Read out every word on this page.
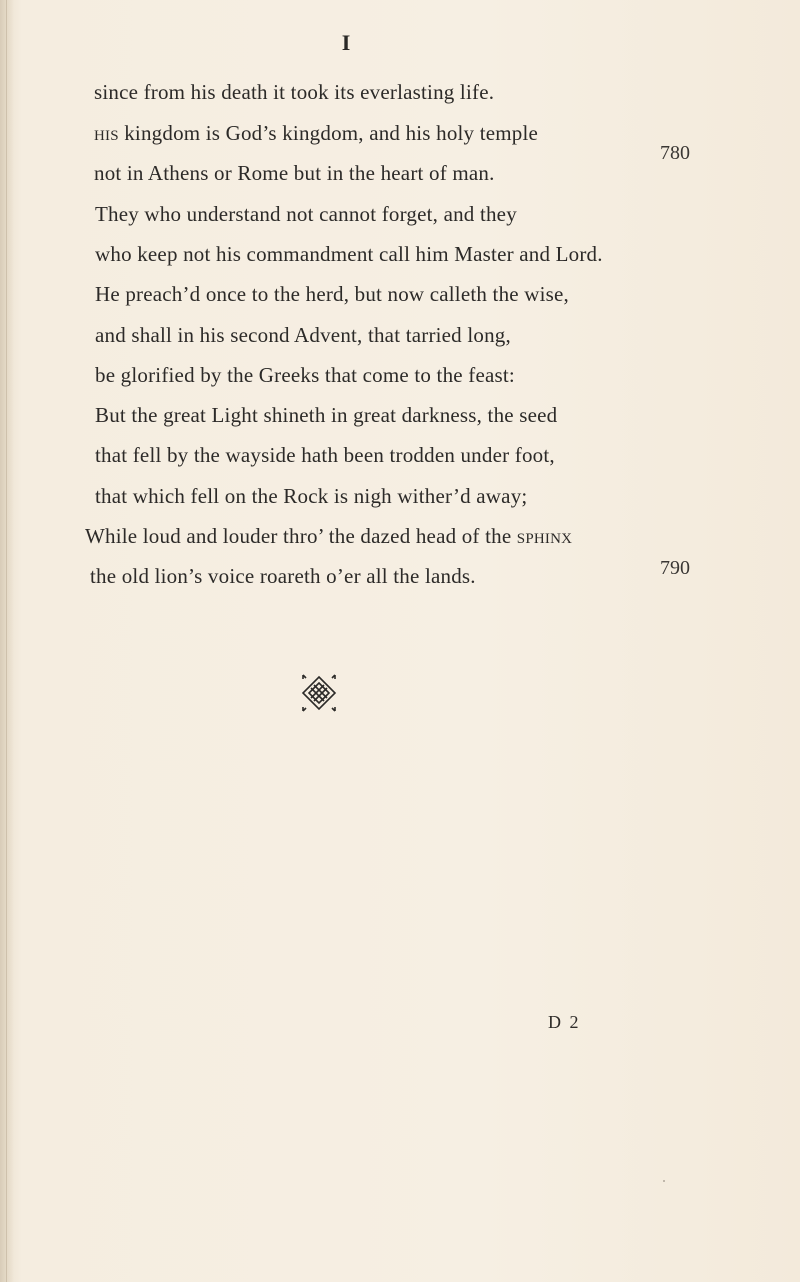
I
since from his death it took its everlasting life.
his kingdom is God’s kingdom, and his holy temple
not in Athens or Rome but in the heart of man.
They who understand not cannot forget, and they
who keep not his commandment call him Master and Lord.
He preach’d once to the herd, but now calleth the wise,
and shall in his second Advent, that tarried long,
be glorified by the Greeks that come to the feast:
But the great Light shineth in great darkness, the seed
that fell by the wayside hath been trodden under foot,
that which fell on the Rock is nigh wither’d away;
While loud and louder thro’ the dazed head of the sphinx
the old lion’s voice roareth o’er all the lands.
780
790
D 2
